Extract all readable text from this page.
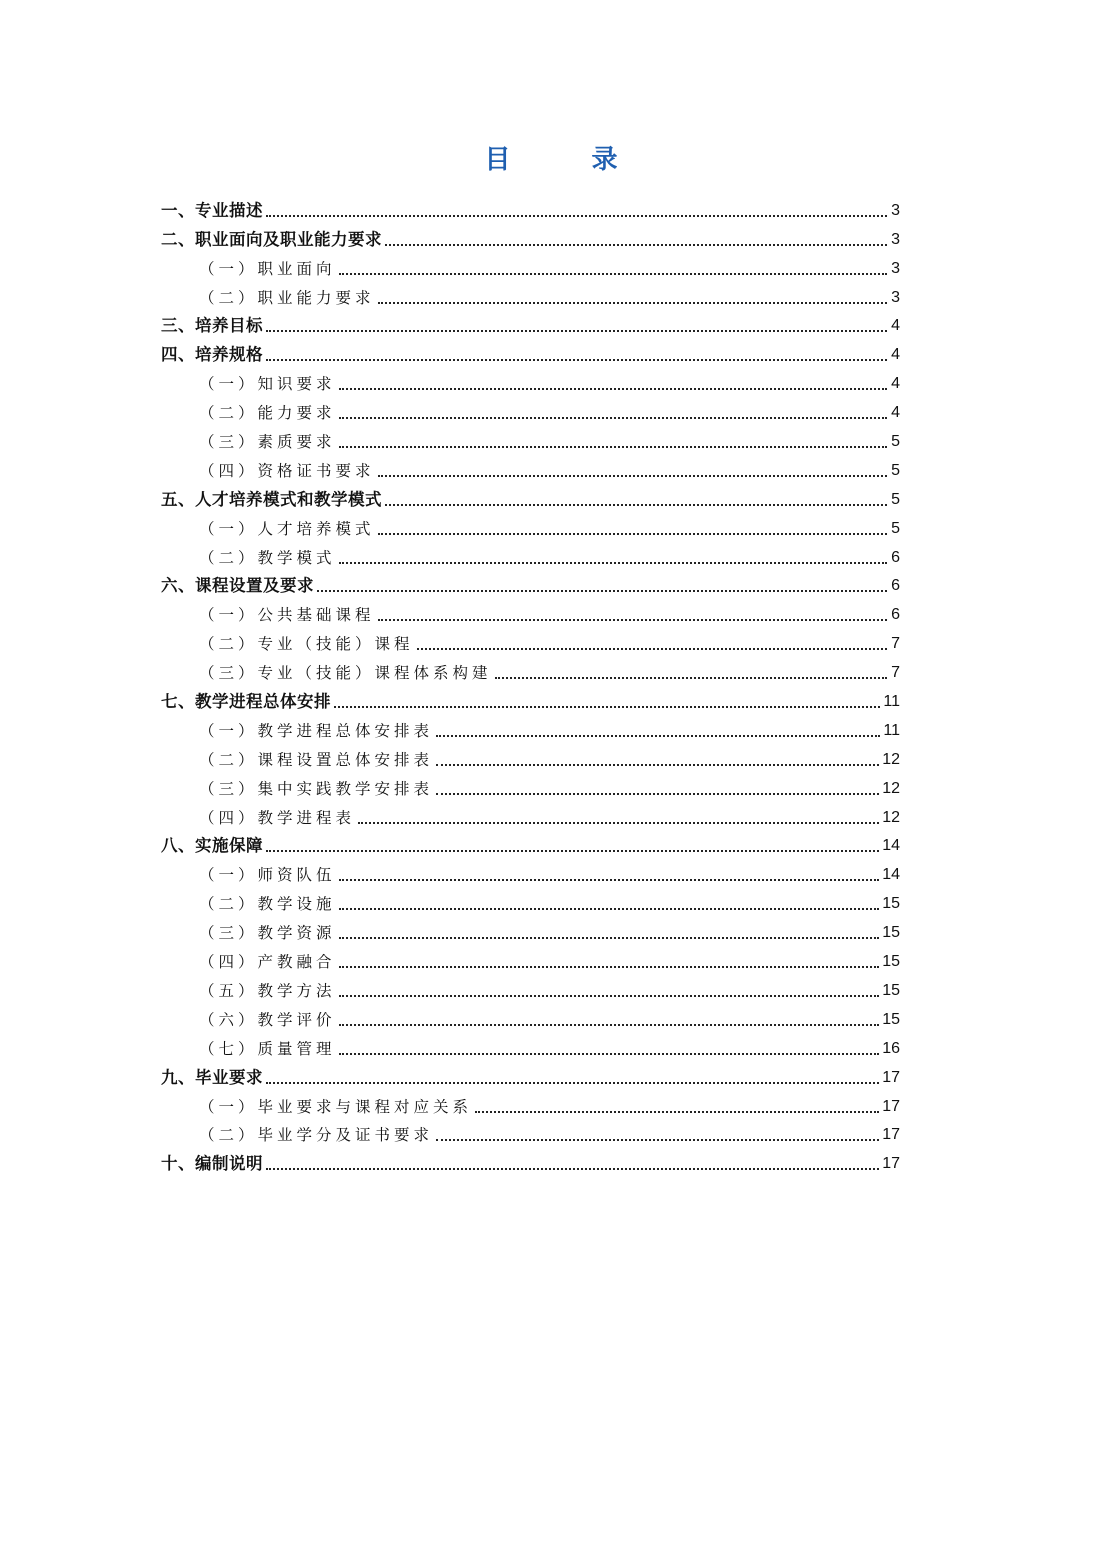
目 录
一、专业描述	3
二、职业面向及职业能力要求	3
（一）职业面向	3
（二）职业能力要求	3
三、培养目标	4
四、培养规格	4
（一）知识要求	4
（二）能力要求	4
（三）素质要求	5
（四）资格证书要求	5
五、人才培养模式和教学模式	5
（一）人才培养模式	5
（二）教学模式	6
六、课程设置及要求	6
（一）公共基础课程	6
（二）专业（技能）课程	7
（三）专业（技能）课程体系构建	7
七、教学进程总体安排	11
（一）教学进程总体安排表	11
（二）课程设置总体安排表	12
（三）集中实践教学安排表	12
（四）教学进程表	12
八、实施保障	14
（一）师资队伍	14
（二）教学设施	15
（三）教学资源	15
（四）产教融合	15
（五）教学方法	15
（六）教学评价	15
（七）质量管理	16
九、毕业要求	17
（一）毕业要求与课程对应关系	17
（二）毕业学分及证书要求	17
十、编制说明	17
